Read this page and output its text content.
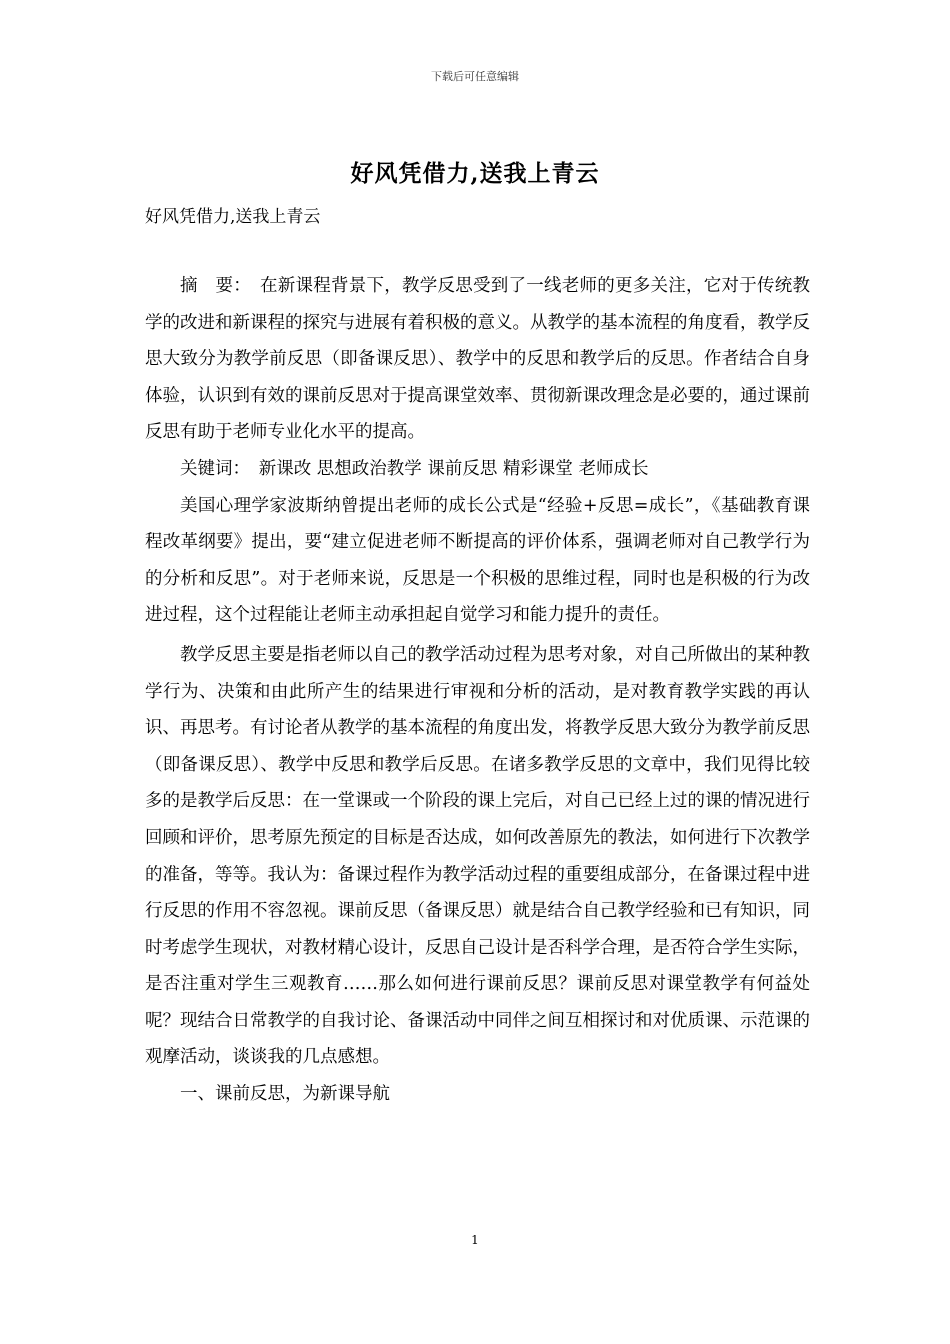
下载后可任意编辑
好风凭借力,送我上青云
好风凭借力,送我上青云

摘　要：　在新课程背景下，教学反思受到了一线老师的更多关注，它对于传统教学的改进和新课程的探究与进展有着积极的意义。从教学的基本流程的角度看，教学反思大致分为教学前反思（即备课反思）、教学中的反思和教学后的反思。作者结合自身体验，认识到有效的课前反思对于提高课堂效率、贯彻新课改理念是必要的，通过课前反思有助于老师专业化水平的提高。

关键词：　新课改 思想政治教学 课前反思 精彩课堂 老师成长

美国心理学家波斯纳曾提出老师的成长公式是“经验+反思=成长”，《基础教育课程改革纲要》提出，要“建立促进老师不断提高的评价体系，强调老师对自己教学行为的分析和反思”。对于老师来说，反思是一个积极的思维过程，同时也是积极的行为改进过程，这个过程能让老师主动承担起自觉学习和能力提升的责任。

教学反思主要是指老师以自己的教学活动过程为思考对象，对自己所做出的某种教学行为、决策和由此所产生的结果进行审视和分析的活动，是对教育教学实践的再认识、再思考。有讨论者从教学的基本流程的角度出发，将教学反思大致分为教学前反思（即备课反思）、教学中反思和教学后反思。在诸多教学反思的文章中，我们见得比较多的是教学后反思：在一堂课或一个阶段的课上完后，对自己已经上过的课的情况进行回顾和评价，思考原先预定的目标是否达成，如何改善原先的教法，如何进行下次教学的准备，等等。我认为：备课过程作为教学活动过程的重要组成部分，在备课过程中进行反思的作用不容忽视。课前反思（备课反思）就是结合自己教学经验和已有知识，同时考虑学生现状，对教材精心设计，反思自己设计是否科学合理，是否符合学生实际，是否注重对学生三观教育……那么如何进行课前反思？课前反思对课堂教学有何益处呢？现结合日常教学的自我讨论、备课活动中同伴之间互相探讨和对优质课、示范课的观摩活动，谈谈我的几点感想。

一、课前反思，为新课导航

1
